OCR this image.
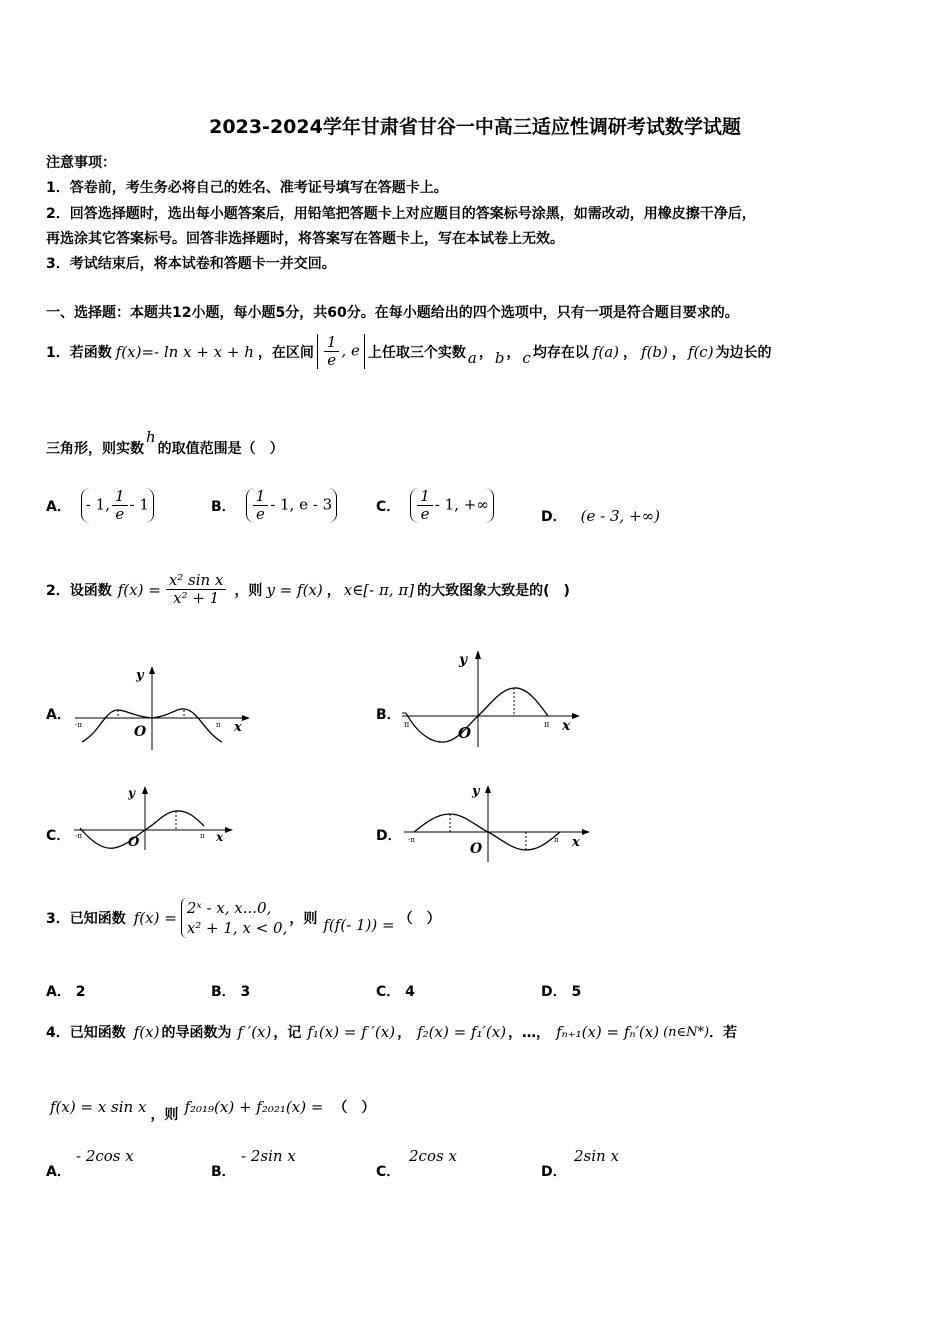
2023-2024学年甘肃省甘谷一中高三适应性调研考试数学试题
注意事项：
1．答卷前，考生务必将自己的姓名、准考证号填写在答题卡上。
2．回答选择题时，选出每小题答案后，用铅笔把答题卡上对应题目的答案标号涂黑，如需改动，用橡皮擦干净后，
再选涂其它答案标号。回答非选择题时，将答案写在答题卡上，写在本试卷上无效。
3．考试结束后，将本试卷和答题卡一并交回。
一、选择题：本题共12小题，每小题5分，共60分。在每小题给出的四个选项中，只有一项是符合题目要求的。
1．若函数 f(x)=- ln x + x + h ，在区间 $\frac{1}{e}$ , e 上任取三个实数 a ， b ， c 均存在以 f(a) ， f(b) ， f(c) 为边长的
三角形，则实数
h
的取值范围是（　）
A．	- 1, $\frac{1}{e} - 1$	B． $\frac{1}{e} - 1$, e - 3	C． $\frac{1}{e} - 1$, +∞
D． (e - 3, +∞)
2．设函数 $f(x) = \frac{\text{x² sin x}}{\text{x² + 1}}$ ，则 y = f(x) ， x∈[- π, π] 的大致图象大致是的(　)
A．
y
x
O
-π	π
B．
y
x
O
π	π
C．
y
x
O
-π	π	D．
y
x
O
-π	π
3．已知函数 f(x) =
2ˣ - x, x...0,
x² + 1, x < 0, ，则 f(f(- 1)) = （　）
A． 2	B． 3	C． 4	D． 5
4．已知函数 f(x) 的导函数为 f ′(x) ，记 f₁(x) = f ′(x) ， f₂(x) = f₁′(x) ，…， fₙ₊₁(x) = fₙ′(x) (n∈N*) ．若
f(x) = x sin x ，则 f₂₀₁₉(x) + f₂₀₂₁(x) = （　）
A．
- 2cos x
B．
- 2sin x
C．
2cos x
D．
2sin x
